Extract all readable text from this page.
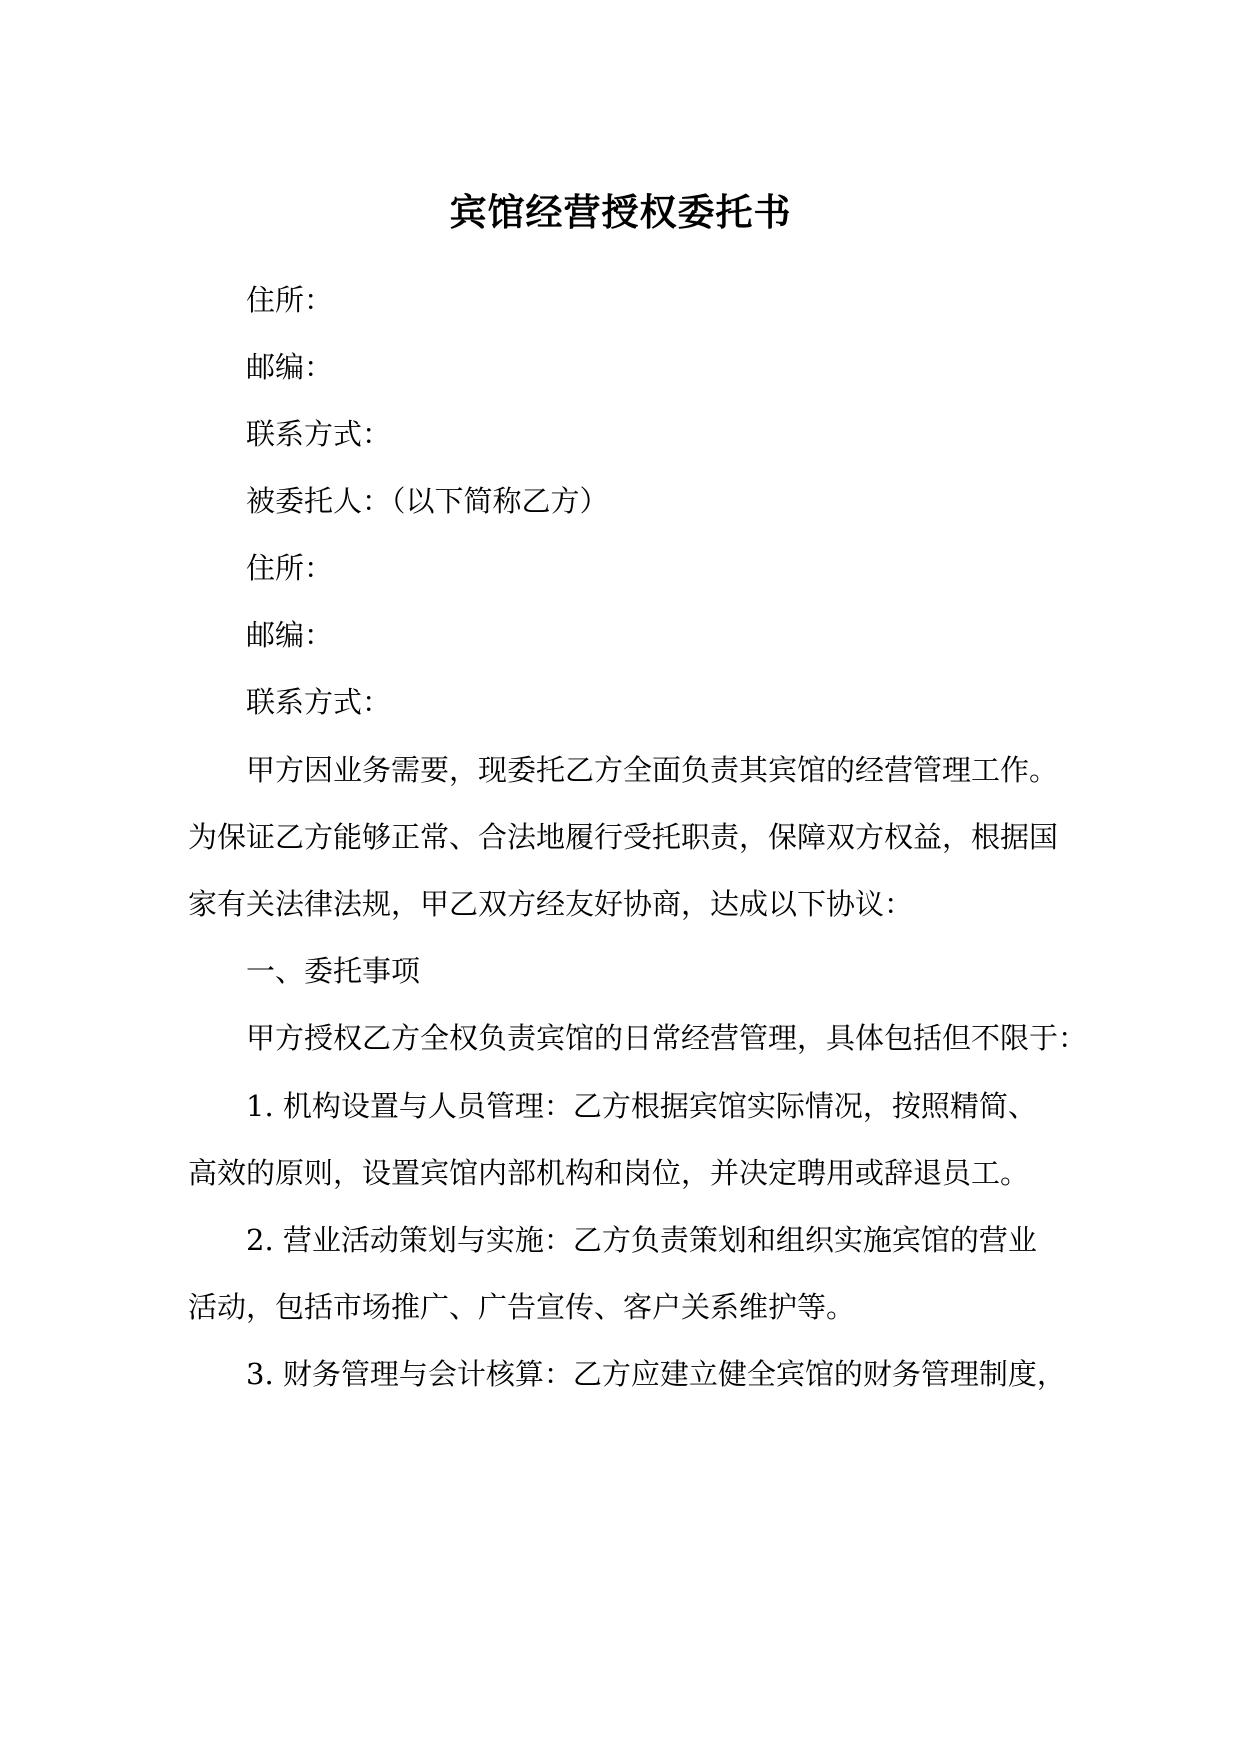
宾馆经营授权委托书

住所：

邮编：

联系方式：

被委托人：（以下简称乙方）

住所：

邮编：

联系方式：

甲方因业务需要，现委托乙方全面负责其宾馆的经营管理工作。

为保证乙方能够正常、合法地履行受托职责，保障双方权益，根据国

家有关法律法规，甲乙双方经友好协商，达成以下协议：

一、委托事项

甲方授权乙方全权负责宾馆的日常经营管理，具体包括但不限于：

1. 机构设置与人员管理：乙方根据宾馆实际情况，按照精简、

高效的原则，设置宾馆内部机构和岗位，并决定聘用或辞退员工。

2. 营业活动策划与实施：乙方负责策划和组织实施宾馆的营业

活动，包括市场推广、广告宣传、客户关系维护等。

3. 财务管理与会计核算：乙方应建立健全宾馆的财务管理制度，
